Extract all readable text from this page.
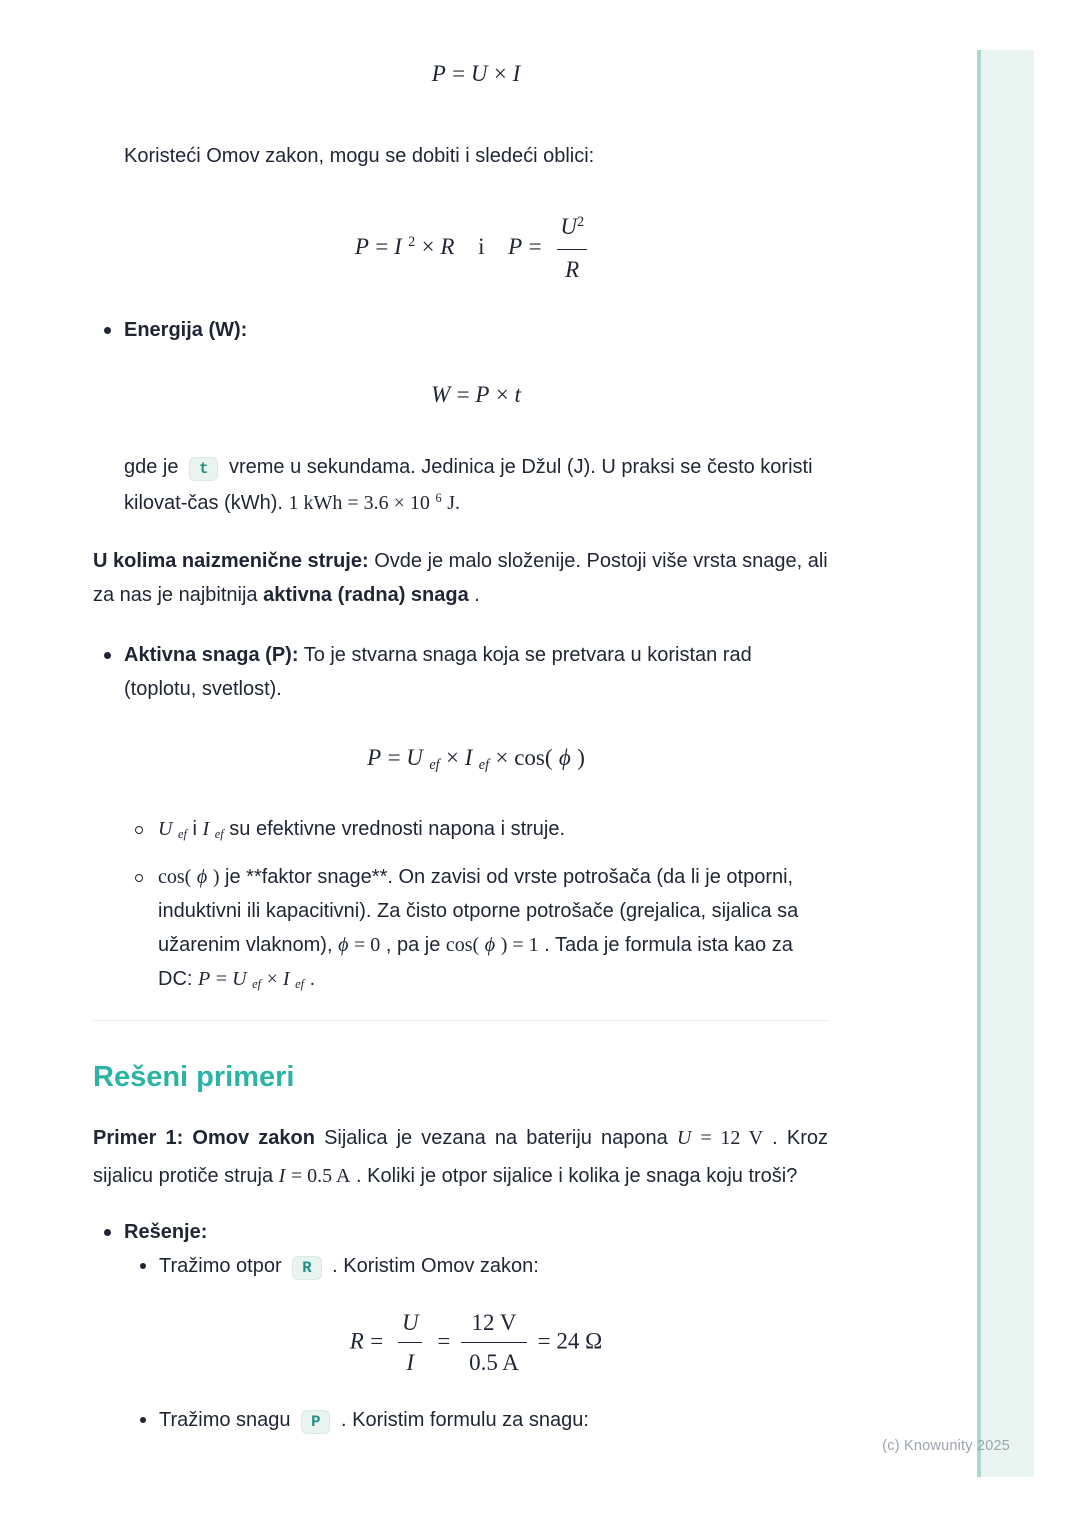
P = U × I

Koristeći Omov zakon, mogu se dobiti i sledeći oblici:

P = I $^2$ × R    i    $P = \frac{U^2}{R}$
Energija (W):
W = P × t

gde je t vreme u sekundama. Jedinica je Džul (J). U praksi se često koristi kilovat-čas (kWh). 1 kWh = 3.6 × 10 $^6$ J.

U kolima naizmenične struje: Ovde je malo složenije. Postoji više vrsta snage, ali za nas je najbitnija aktivna (radna) snaga .

Aktivna snaga (P): To je stvarna snaga koja se pretvara u koristan rad (toplotu, svetlost).
P = U ef × I ef × cos( ϕ )
U ef i I ef su efektivne vrednosti napona i struje.
cos( ϕ ) je **faktor snage**. On zavisi od vrste potrošača (da li je otporni, induktivni ili kapacitivni). Za čisto otporne potrošače (grejalica, sijalica sa užarenim vlaknom), ϕ = 0 , pa je cos( ϕ ) = 1 . Tada je formula ista kao za DC: P = U ef × I ef .
Rešeni primeri

Primer 1: Omov zakon Sijalica je vezana na bateriju napona U = 12 V . Kroz sijalicu protiče struja I = 0.5 A . Koliki je otpor sijalice i kolika je snaga koju troši?

Rešenje:
Tražimo otpor R . Koristim Omov zakon:
$R = \frac{U}{I} = \frac{12 V}{0.5 A} = 24$ Ω
Tražimo snagu P . Koristim formulu za snagu:
(c) Knowunity 2025
